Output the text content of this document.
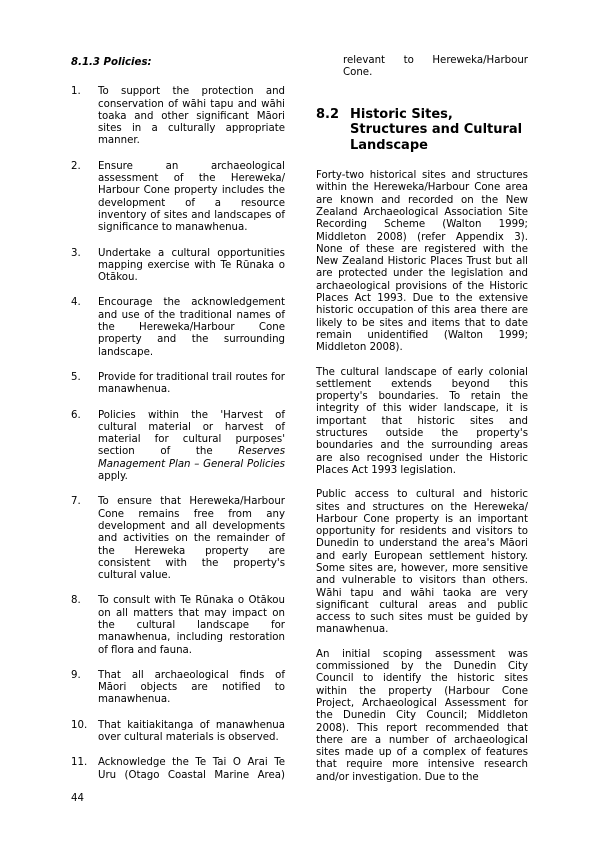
8.1.3 Policies:
1. To support the protection and conservation of wāhi tapu and wāhi toaka and other significant Māori sites in a culturally appropriate manner.
2. Ensure an archaeological assessment of the Hereweka/ Harbour Cone property includes the development of a resource inventory of sites and landscapes of significance to manawhenua.
3. Undertake a cultural opportunities mapping exercise with Te Rūnaka o Otākou.
4. Encourage the acknowledgement and use of the traditional names of the Hereweka/Harbour Cone property and the surrounding landscape.
5. Provide for traditional trail routes for manawhenua.
6. Policies within the 'Harvest of cultural material or harvest of material for cultural purposes' section of the Reserves Management Plan – General Policies apply.
7. To ensure that Hereweka/Harbour Cone remains free from any development and all developments and activities on the remainder of the Hereweka property are consistent with the property's cultural value.
8. To consult with Te Rūnaka o Otākou on all matters that may impact on the cultural landscape for manawhenua, including restoration of flora and fauna.
9. That all archaeological finds of Māori objects are notified to manawhenua.
10. That kaitiakitanga of manawhenua over cultural materials is observed.
11. Acknowledge the Te Tai O Arai Te Uru (Otago Coastal Marine Area)
relevant to Hereweka/Harbour Cone.
8.2 Historic Sites, Structures and Cultural Landscape

Forty-two historical sites and structures within the Hereweka/Harbour Cone area are known and recorded on the New Zealand Archaeological Association Site Recording Scheme (Walton 1999; Middleton 2008) (refer Appendix 3). None of these are registered with the New Zealand Historic Places Trust but all are protected under the legislation and archaeological provisions of the Historic Places Act 1993. Due to the extensive historic occupation of this area there are likely to be sites and items that to date remain unidentified (Walton 1999; Middleton 2008).

The cultural landscape of early colonial settlement extends beyond this property's boundaries. To retain the integrity of this wider landscape, it is important that historic sites and structures outside the property's boundaries and the surrounding areas are also recognised under the Historic Places Act 1993 legislation.

Public access to cultural and historic sites and structures on the Hereweka/ Harbour Cone property is an important opportunity for residents and visitors to Dunedin to understand the area's Māori and early European settlement history. Some sites are, however, more sensitive and vulnerable to visitors than others. Wāhi tapu and wāhi taoka are very significant cultural areas and public access to such sites must be guided by manawhenua.

An initial scoping assessment was commissioned by the Dunedin City Council to identify the historic sites within the property (Harbour Cone Project, Archaeological Assessment for the Dunedin City Council; Middleton 2008). This report recommended that there are a number of archaeological sites made up of a complex of features that require more intensive research and/or investigation. Due to the

44
